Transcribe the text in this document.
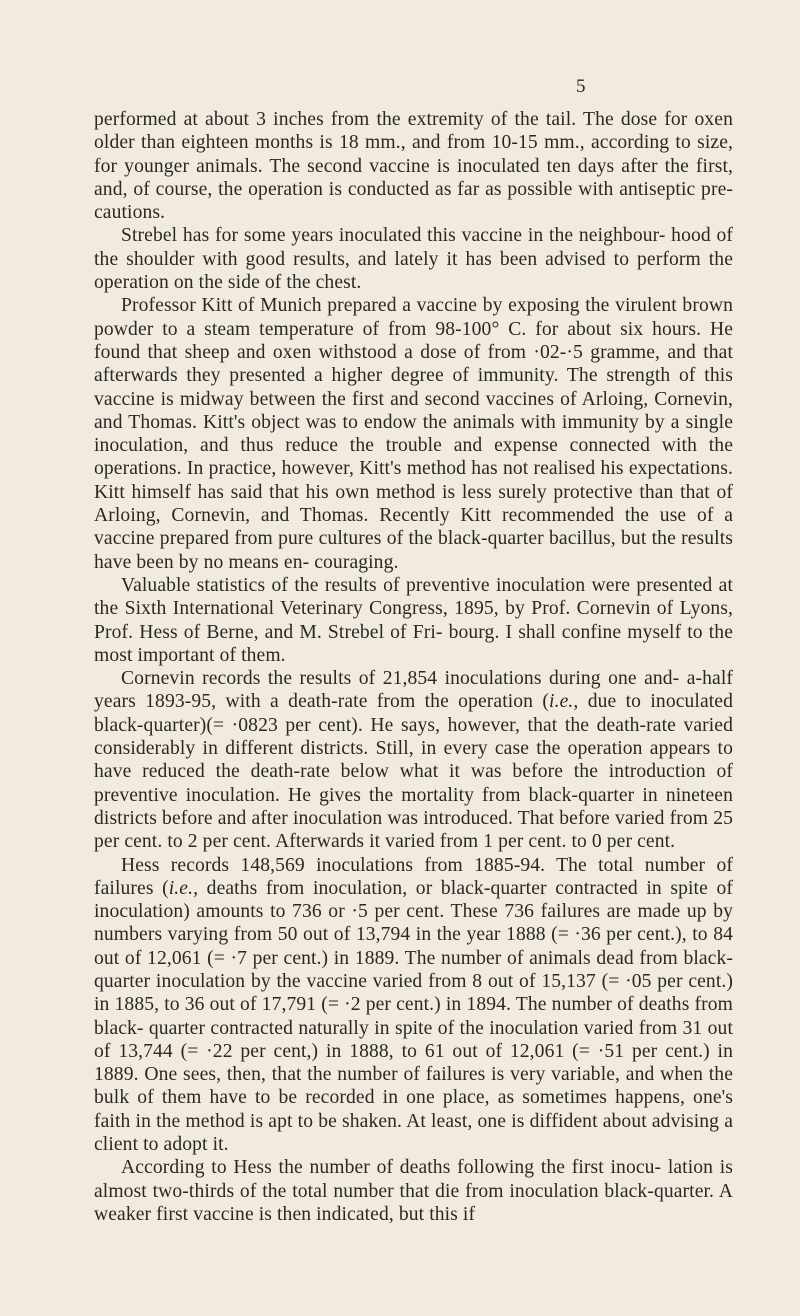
5

performed at about 3 inches from the extremity of the tail. The dose for oxen older than eighteen months is 18 mm., and from 10-15 mm., according to size, for younger animals. The second vaccine is inoculated ten days after the first, and, of course, the operation is conducted as far as possible with antiseptic pre- cautions.

Strebel has for some years inoculated this vaccine in the neighbour- hood of the shoulder with good results, and lately it has been advised to perform the operation on the side of the chest.

Professor Kitt of Munich prepared a vaccine by exposing the virulent brown powder to a steam temperature of from 98-100° C. for about six hours. He found that sheep and oxen withstood a dose of from ·02-·5 gramme, and that afterwards they presented a higher degree of immunity. The strength of this vaccine is midway between the first and second vaccines of Arloing, Cornevin, and Thomas. Kitt's object was to endow the animals with immunity by a single inoculation, and thus reduce the trouble and expense connected with the operations. In practice, however, Kitt's method has not realised his expectations. Kitt himself has said that his own method is less surely protective than that of Arloing, Cornevin, and Thomas. Recently Kitt recommended the use of a vaccine prepared from pure cultures of the black-quarter bacillus, but the results have been by no means en- couraging.

Valuable statistics of the results of preventive inoculation were presented at the Sixth International Veterinary Congress, 1895, by Prof. Cornevin of Lyons, Prof. Hess of Berne, and M. Strebel of Fri- bourg. I shall confine myself to the most important of them.

Cornevin records the results of 21,854 inoculations during one and- a-half years 1893-95, with a death-rate from the operation (i.e., due to inoculated black-quarter)(= ·0823 per cent). He says, however, that the death-rate varied considerably in different districts. Still, in every case the operation appears to have reduced the death-rate below what it was before the introduction of preventive inoculation. He gives the mortality from black-quarter in nineteen districts before and after inoculation was introduced. That before varied from 25 per cent. to 2 per cent. Afterwards it varied from 1 per cent. to 0 per cent.

Hess records 148,569 inoculations from 1885-94. The total number of failures (i.e., deaths from inoculation, or black-quarter contracted in spite of inoculation) amounts to 736 or ·5 per cent. These 736 failures are made up by numbers varying from 50 out of 13,794 in the year 1888 (= ·36 per cent.), to 84 out of 12,061 (= ·7 per cent.) in 1889. The number of animals dead from black-quarter inoculation by the vaccine varied from 8 out of 15,137 (= ·05 per cent.) in 1885, to 36 out of 17,791 (= ·2 per cent.) in 1894. The number of deaths from black- quarter contracted naturally in spite of the inoculation varied from 31 out of 13,744 (= ·22 per cent,) in 1888, to 61 out of 12,061 (= ·51 per cent.) in 1889. One sees, then, that the number of failures is very variable, and when the bulk of them have to be recorded in one place, as sometimes happens, one's faith in the method is apt to be shaken. At least, one is diffident about advising a client to adopt it.

According to Hess the number of deaths following the first inocu- lation is almost two-thirds of the total number that die from inoculation black-quarter. A weaker first vaccine is then indicated, but this if
